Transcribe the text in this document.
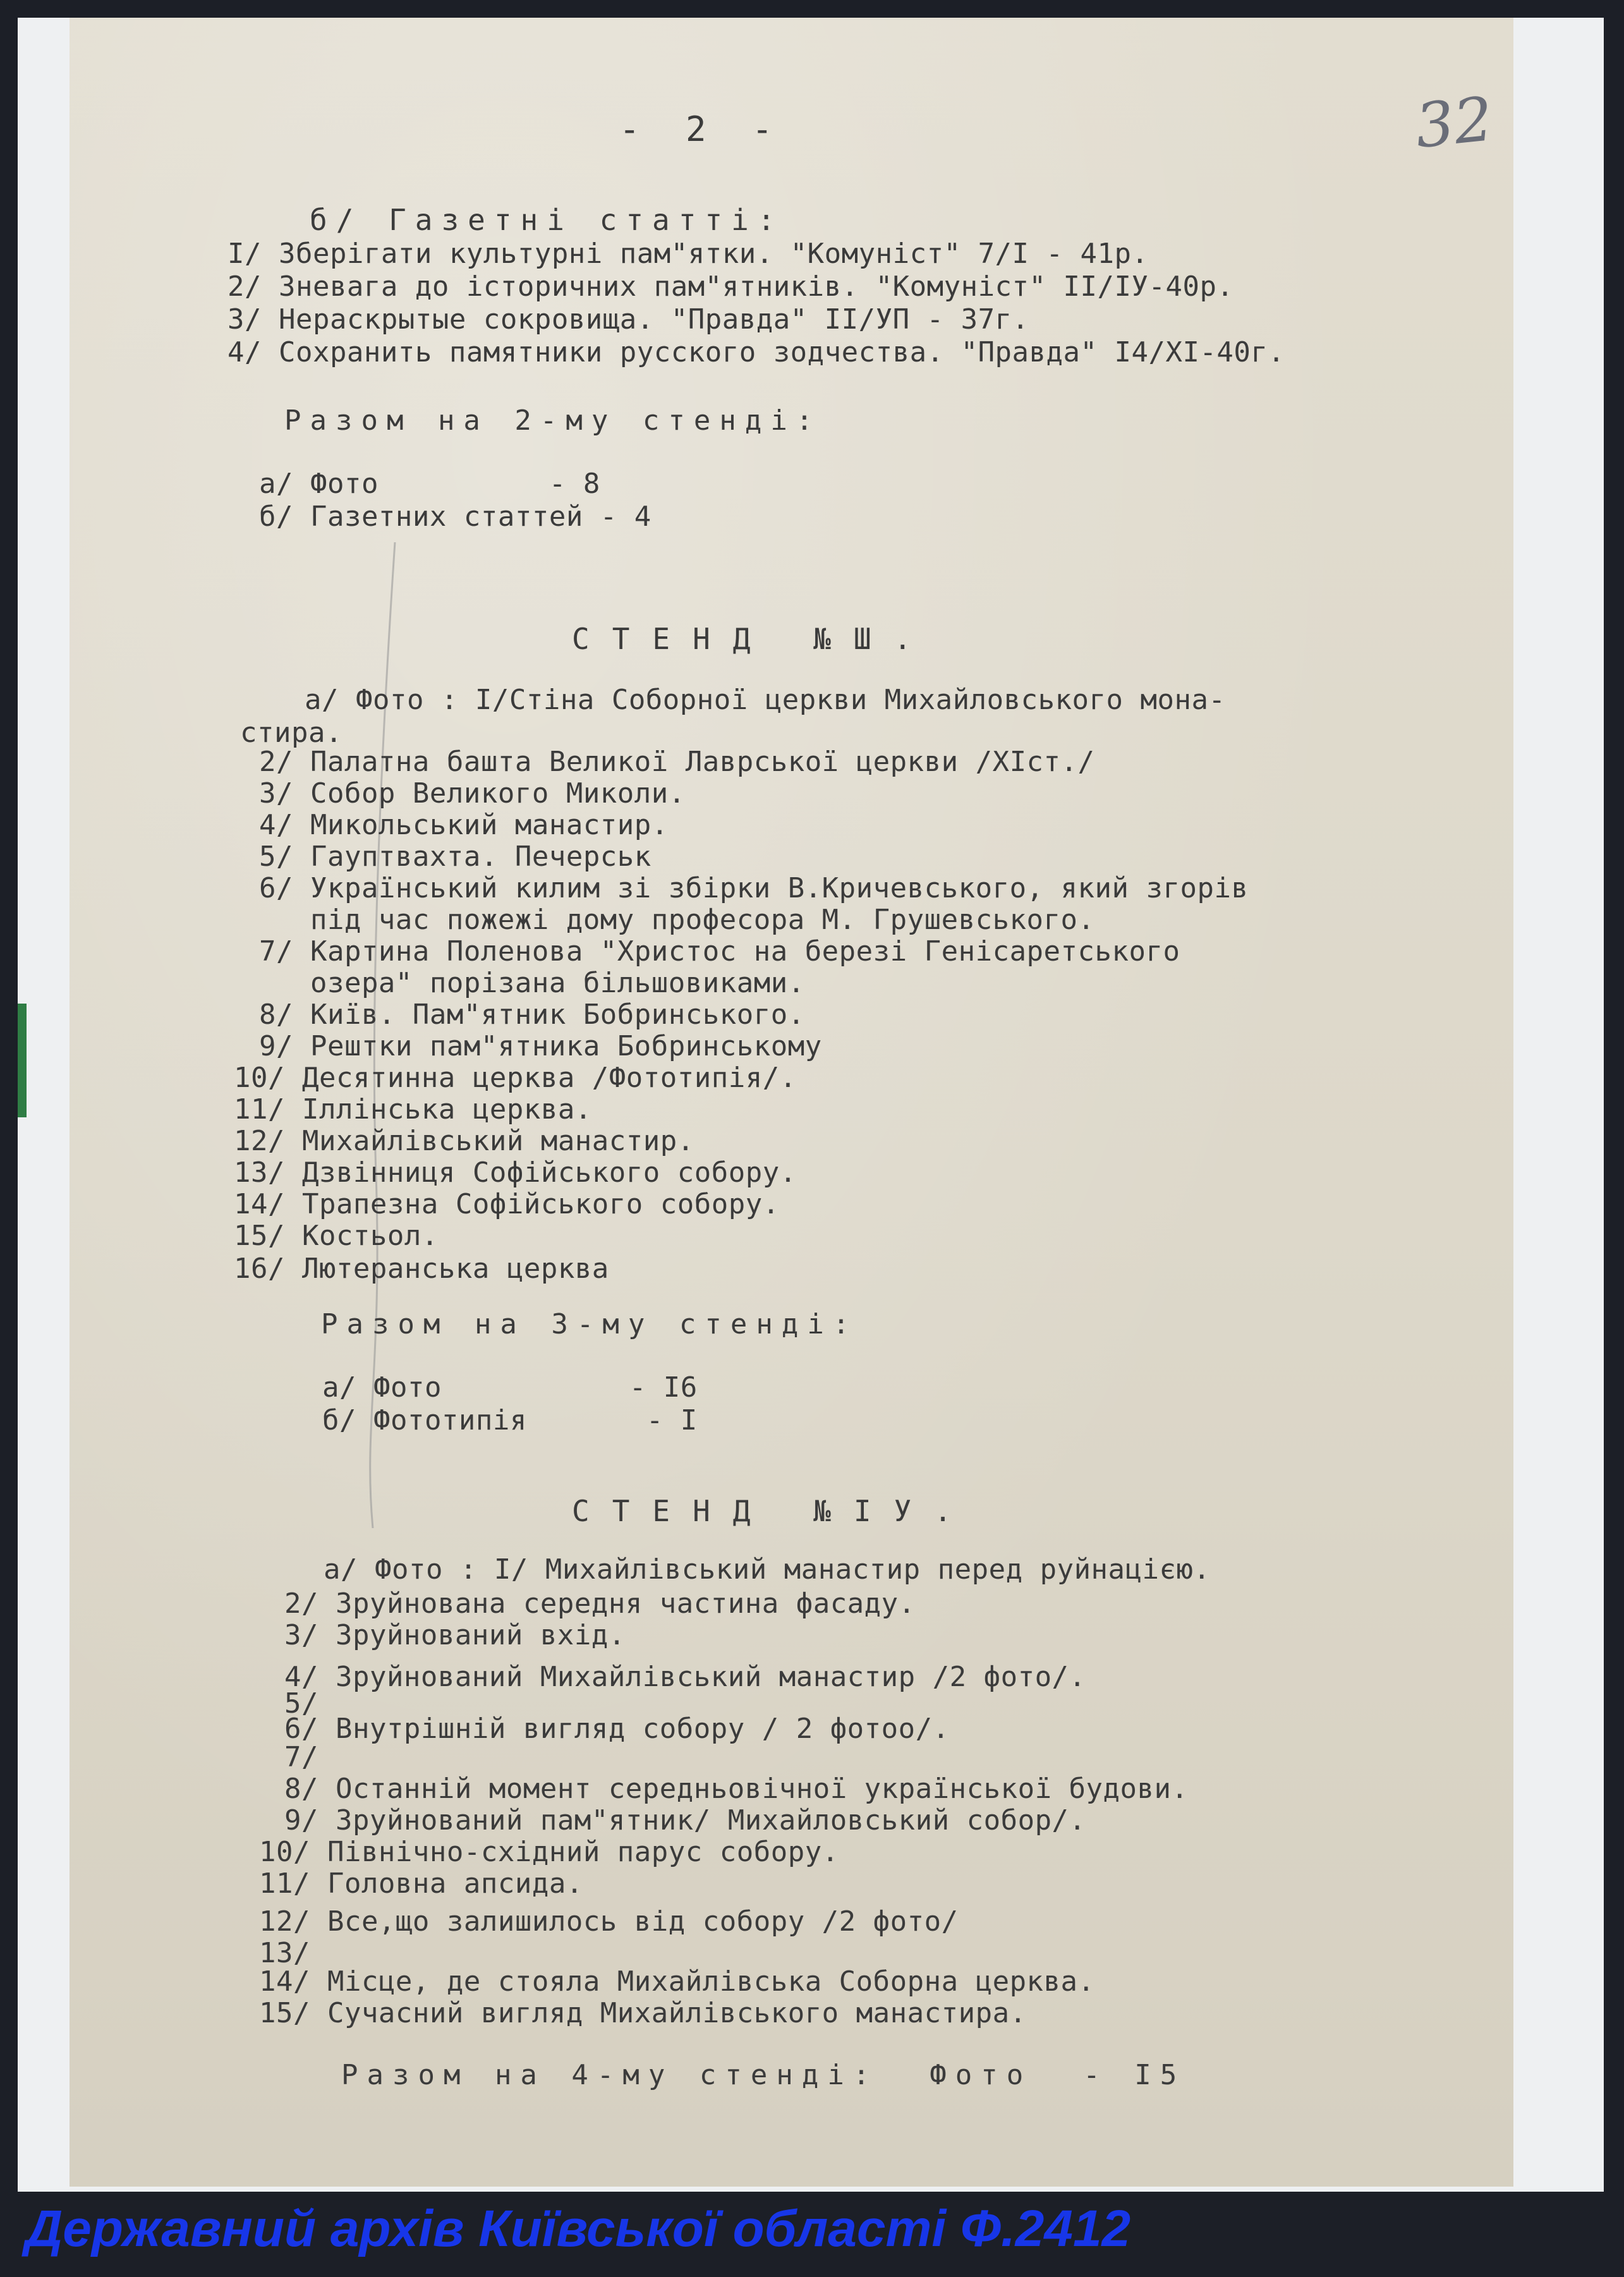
- 2 -	32
б/ Газетні статті:
I/ Зберігати культурні пам"ятки. "Комуніст" 7/I - 41р.
2/ Зневага до історичних пам"ятників. "Комуніст" II/IУ-40р.
3/ Нераскрытые сокровища. "Правда" II/УП - 37г.
4/ Сохранить памятники русского зодчества. "Правда" I4/XI-40г.
Разом на 2-му стенді:
а/ Фото          - 8
б/ Газетних статтей - 4
СТЕНД №Ш.
а/ Фото : I/Стіна Соборної церкви Михайловського мона-
стира.
2/ Палатна башта Великої Лаврської церкви /XIст./
3/ Собор Великого Миколи.
4/ Микольський манастир.
5/ Гауптвахта. Печерськ
6/ Український килим зі збірки В.Кричевського, який згорів
під час пожежі дому професора М. Грушевського.
7/ Картина Поленова "Христос на березі Генісаретського
озера" порізана більшовиками.
8/ Київ. Пам"ятник Бобринського.
9/ Рештки пам"ятника Бобринському
10/ Десятинна церква /Фототипія/.
11/ Іллінська церква.
12/ Михайлівський манастир.
13/ Дзвінниця Софійського собору.
14/ Трапезна Софійського собору.
15/ Костьол.
16/ Лютеранська церква
Разом на 3-му стенді:
а/ Фото           - I6
б/ Фототипія       - I
СТЕНД №IУ.
а/ Фото : I/ Михайлівський манастир перед руйнацією.
2/ Зруйнована середня частина фасаду.
3/ Зруйнований вхід.
4/ Зруйнований Михайлівський манастир /2 фото/.
5/
6/ Внутрішній вигляд собору / 2 фотоо/.
7/
8/ Останній момент середньовічної української будови.
9/ Зруйнований пам"ятник/ Михайловський собор/.
10/ Північно-східний парус собору.
11/ Головна апсида.
12/ Все,що залишилось від собору /2 фото/
13/
14/ Місце, де стояла Михайлівська Соборна церква.
15/ Сучасний вигляд Михайлівського манастира.
Разом на 4-му стенді:  Фото  - I5
Державний архів Київської області Ф.2412
